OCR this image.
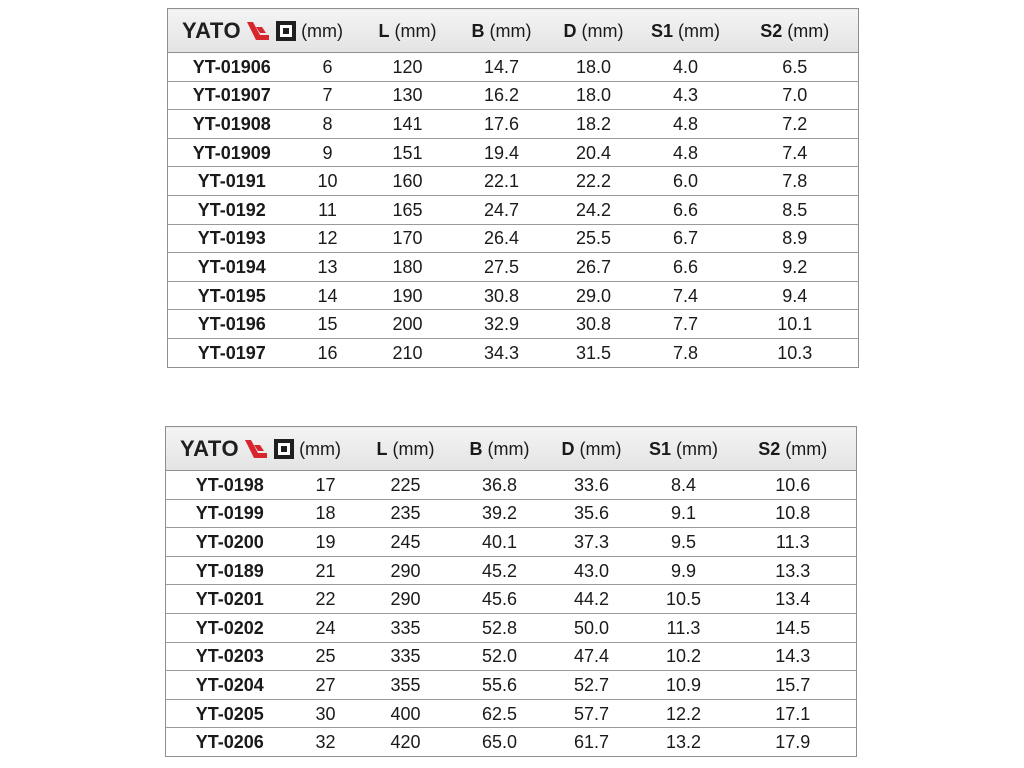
YATO (mm)		L (mm)	B (mm)	D (mm)	S1 (mm)	S2 (mm)
YT-01906	6	120	14.7	18.0	4.0	6.5
YT-01907	7	130	16.2	18.0	4.3	7.0
YT-01908	8	141	17.6	18.2	4.8	7.2
YT-01909	9	151	19.4	20.4	4.8	7.4
YT-0191	10	160	22.1	22.2	6.0	7.8
YT-0192	11	165	24.7	24.2	6.6	8.5
YT-0193	12	170	26.4	25.5	6.7	8.9
YT-0194	13	180	27.5	26.7	6.6	9.2
YT-0195	14	190	30.8	29.0	7.4	9.4
YT-0196	15	200	32.9	30.8	7.7	10.1
YT-0197	16	210	34.3	31.5	7.8	10.3
YATO (mm)		L (mm)	B (mm)	D (mm)	S1 (mm)	S2 (mm)
YT-0198	17	225	36.8	33.6	8.4	10.6
YT-0199	18	235	39.2	35.6	9.1	10.8
YT-0200	19	245	40.1	37.3	9.5	11.3
YT-0189	21	290	45.2	43.0	9.9	13.3
YT-0201	22	290	45.6	44.2	10.5	13.4
YT-0202	24	335	52.8	50.0	11.3	14.5
YT-0203	25	335	52.0	47.4	10.2	14.3
YT-0204	27	355	55.6	52.7	10.9	15.7
YT-0205	30	400	62.5	57.7	12.2	17.1
YT-0206	32	420	65.0	61.7	13.2	17.9
